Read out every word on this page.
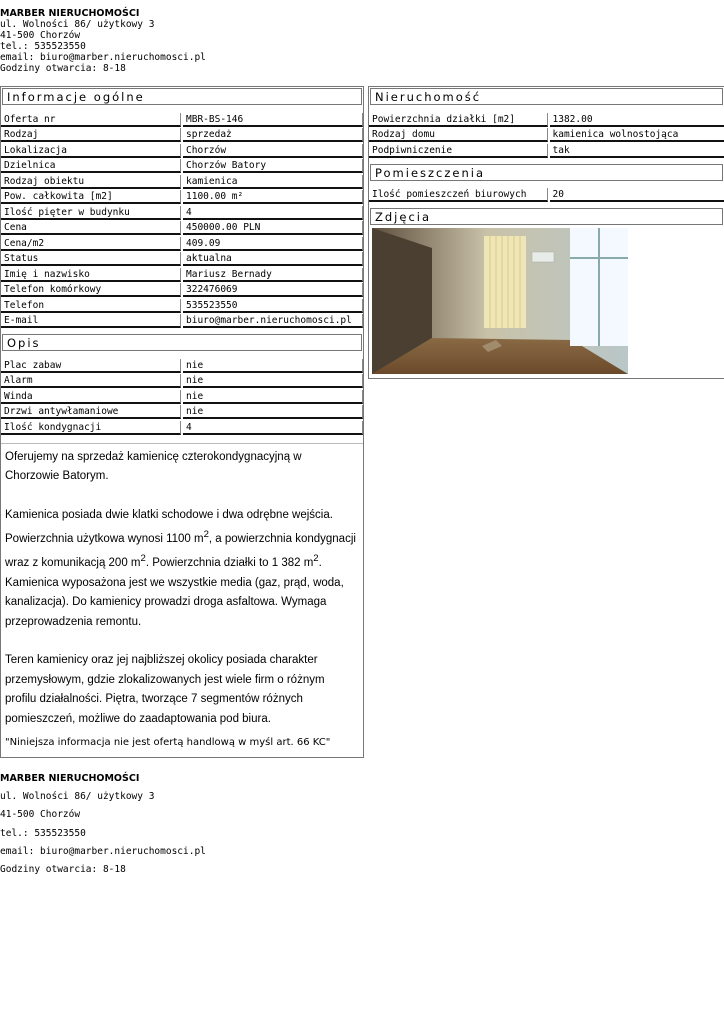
MARBER NIERUCHOMOŚCI
ul. Wolności 86/ użytkowy 3
41-500 Chorzów
tel.: 535523550
email: biuro@marber.nieruchomosci.pl
Godziny otwarcia: 8-18
Informacje ogólne
Oferta nr	MBR-BS-146
Rodzaj	sprzedaż
Lokalizacja	Chorzów
Dzielnica	Chorzów Batory
Rodzaj obiektu	kamienica
Pow. całkowita [m2]	1100.00 m²
Ilość pięter w budynku	4
Cena	450000.00 PLN
Cena/m2	409.09
Status	aktualna
Imię i nazwisko	Mariusz Bernady
Telefon komórkowy	322476069
Telefon	535523550
E-mail	biuro@marber.nieruchomosci.pl
Opis
Plac zabaw	nie
Alarm	nie
Winda	nie
Drzwi antywłamaniowe	nie
Ilość kondygnacji	4

Oferujemy na sprzedaż kamienicę czterokondygnacyjną w Chorzowie Batorym.

Kamienica posiada dwie klatki schodowe i dwa odrębne wejścia. Powierzchnia użytkowa wynosi 1100 $m^2$, a powierzchnia kondygnacji wraz z komunikacją 200 $m^2$. Powierzchnia działki to 1 382 $m^2$. Kamienica wyposażona jest we wszystkie media (gaz, prąd, woda, kanalizacja). Do kamienicy prowadzi droga asfaltowa. Wymaga przeprowadzenia remontu.

Teren kamienicy oraz jej najbliższej okolicy posiada charakter przemysłowym, gdzie zlokalizowanych jest wiele firm o różnym profilu działalności. Piętra, tworzące 7 segmentów różnych pomieszczeń, możliwe do zaadaptowania pod biura.

"Niniejsza informacja nie jest ofertą handlową w myśl art. 66 KC"
Nieruchomość
Powierzchnia działki [m2]	1382.00
Rodzaj domu	kamienica wolnostojąca
Podpiwniczenie	tak
Pomieszczenia
Ilość pomieszczeń biurowych	20
Zdjęcia
MARBER NIERUCHOMOŚCI
ul. Wolności 86/ użytkowy 3
41-500 Chorzów
tel.: 535523550
email: biuro@marber.nieruchomosci.pl
Godziny otwarcia: 8-18
